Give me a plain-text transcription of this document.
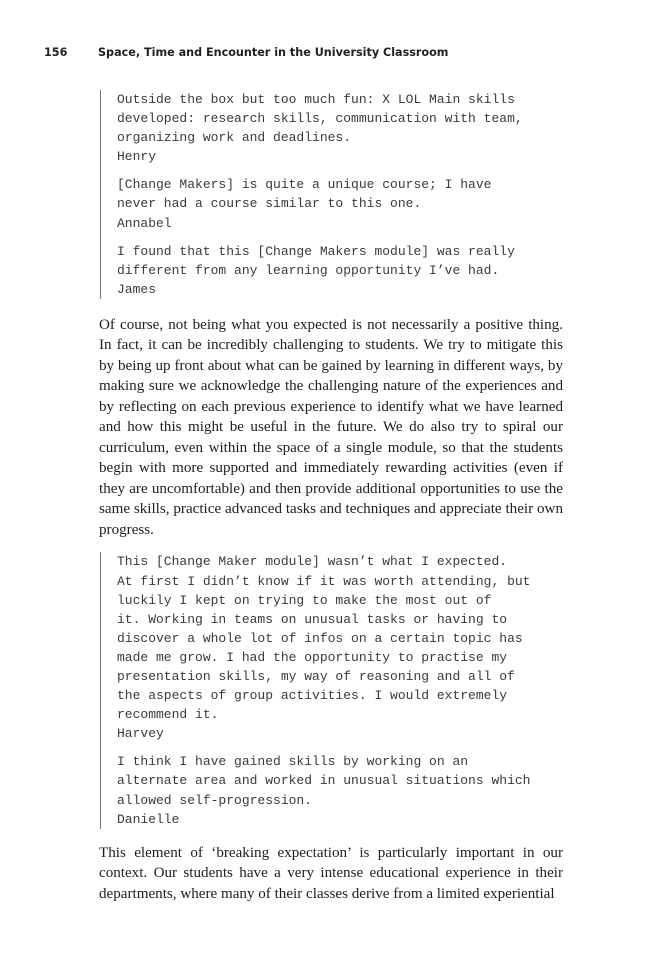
156	Space, Time and Encounter in the University Classroom
Outside the box but too much fun: X LOL Main skills
developed: research skills, communication with team,
organizing work and deadlines.
Henry
[Change Makers] is quite a unique course; I have
never had a course similar to this one.
Annabel
I found that this [Change Makers module] was really
different from any learning opportunity I’ve had.
James

Of course, not being what you expected is not necessarily a positive thing. In fact, it can be incredibly challenging to students. We try to mitigate this by being up front about what can be gained by learning in different ways, by making sure we acknowledge the challenging nature of the experiences and by reflecting on each previous experience to identify what we have learned and how this might be useful in the future. We do also try to spiral our curriculum, even within the space of a single module, so that the students begin with more supported and immediately rewarding activities (even if they are uncomfortable) and then provide additional opportunities to use the same skills, practice advanced tasks and techniques and appreciate their own progress.

This [Change Maker module] wasn’t what I expected.
At first I didn’t know if it was worth attending, but
luckily I kept on trying to make the most out of
it. Working in teams on unusual tasks or having to
discover a whole lot of infos on a certain topic has
made me grow. I had the opportunity to practise my
presentation skills, my way of reasoning and all of
the aspects of group activities. I would extremely
recommend it.
Harvey
I think I have gained skills by working on an
alternate area and worked in unusual situations which
allowed self-progression.
Danielle

This element of ‘breaking expectation’ is particularly important in our context. Our students have a very intense educational experience in their departments, where many of their classes derive from a limited experiential
